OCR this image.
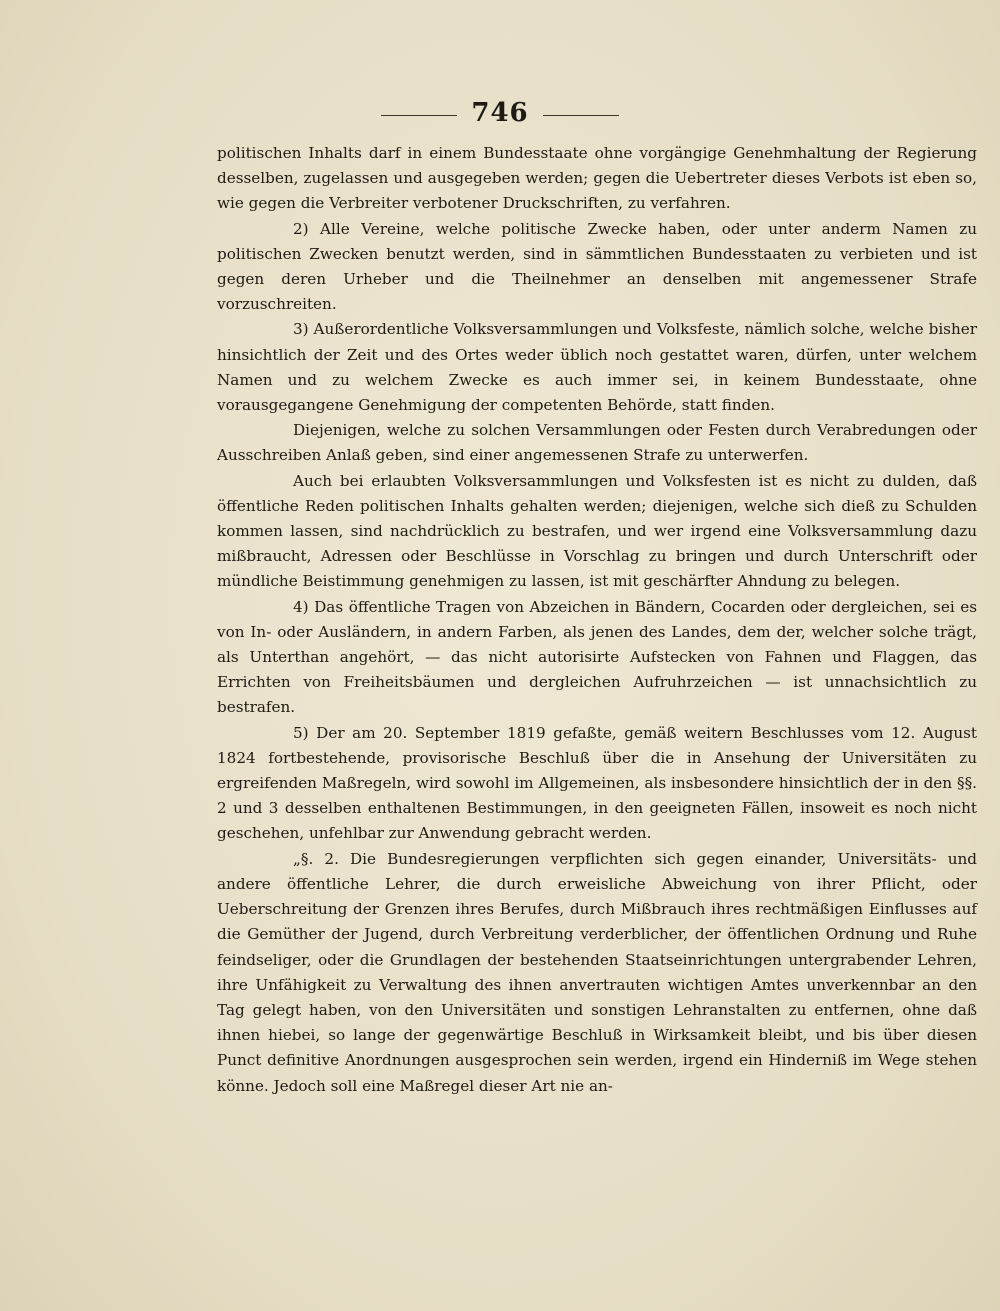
746

politischen Inhalts darf in einem Bundesstaate ohne vorgängige Genehmhaltung der Regierung desselben, zugelassen und ausgegeben werden; gegen die Uebertreter dieses Verbots ist eben so, wie gegen die Verbreiter verbotener Druckschriften, zu verfahren.

2) Alle Vereine, welche politische Zwecke haben, oder unter anderm Namen zu politischen Zwecken benutzt werden, sind in sämmtlichen Bundesstaaten zu verbieten und ist gegen deren Urheber und die Theilnehmer an denselben mit angemessener Strafe vorzuschreiten.

3) Außerordentliche Volksversammlungen und Volksfeste, nämlich solche, welche bisher hinsichtlich der Zeit und des Ortes weder üblich noch gestattet waren, dürfen, unter welchem Namen und zu welchem Zwecke es auch immer sei, in keinem Bundesstaate, ohne vorausgegangene Genehmigung der competenten Behörde, statt finden.

Diejenigen, welche zu solchen Versammlungen oder Festen durch Verabredungen oder Ausschreiben Anlaß geben, sind einer angemessenen Strafe zu unterwerfen.

Auch bei erlaubten Volksversammlungen und Volksfesten ist es nicht zu dulden, daß öffentliche Reden politischen Inhalts gehalten werden; diejenigen, welche sich dieß zu Schulden kommen lassen, sind nachdrücklich zu bestrafen, und wer irgend eine Volksversammlung dazu mißbraucht, Adressen oder Beschlüsse in Vorschlag zu bringen und durch Unterschrift oder mündliche Beistimmung genehmigen zu lassen, ist mit geschärfter Ahndung zu belegen.

4) Das öffentliche Tragen von Abzeichen in Bändern, Cocarden oder dergleichen, sei es von In- oder Ausländern, in andern Farben, als jenen des Landes, dem der, welcher solche trägt, als Unterthan angehört, — das nicht autorisirte Aufstecken von Fahnen und Flaggen, das Errichten von Freiheitsbäumen und dergleichen Aufruhrzeichen — ist unnachsichtlich zu bestrafen.

5) Der am 20. September 1819 gefaßte, gemäß weitern Beschlusses vom 12. August 1824 fortbestehende, provisorische Beschluß über die in Ansehung der Universitäten zu ergreifenden Maßregeln, wird sowohl im Allgemeinen, als insbesondere hinsichtlich der in den §§. 2 und 3 desselben enthaltenen Bestimmungen, in den geeigneten Fällen, insoweit es noch nicht geschehen, unfehlbar zur Anwendung gebracht werden.

„§. 2. Die Bundesregierungen verpflichten sich gegen einander, Universitäts- und andere öffentliche Lehrer, die durch erweisliche Abweichung von ihrer Pflicht, oder Ueberschreitung der Grenzen ihres Berufes, durch Mißbrauch ihres rechtmäßigen Einflusses auf die Gemüther der Jugend, durch Verbreitung verderblicher, der öffentlichen Ordnung und Ruhe feindseliger, oder die Grundlagen der bestehenden Staatseinrichtungen untergrabender Lehren, ihre Unfähigkeit zu Verwaltung des ihnen anvertrauten wichtigen Amtes unverkennbar an den Tag gelegt haben, von den Universitäten und sonstigen Lehranstalten zu entfernen, ohne daß ihnen hiebei, so lange der gegenwärtige Beschluß in Wirksamkeit bleibt, und bis über diesen Punct definitive Anordnungen ausgesprochen sein werden, irgend ein Hinderniß im Wege stehen könne. Jedoch soll eine Maßregel dieser Art nie an-
